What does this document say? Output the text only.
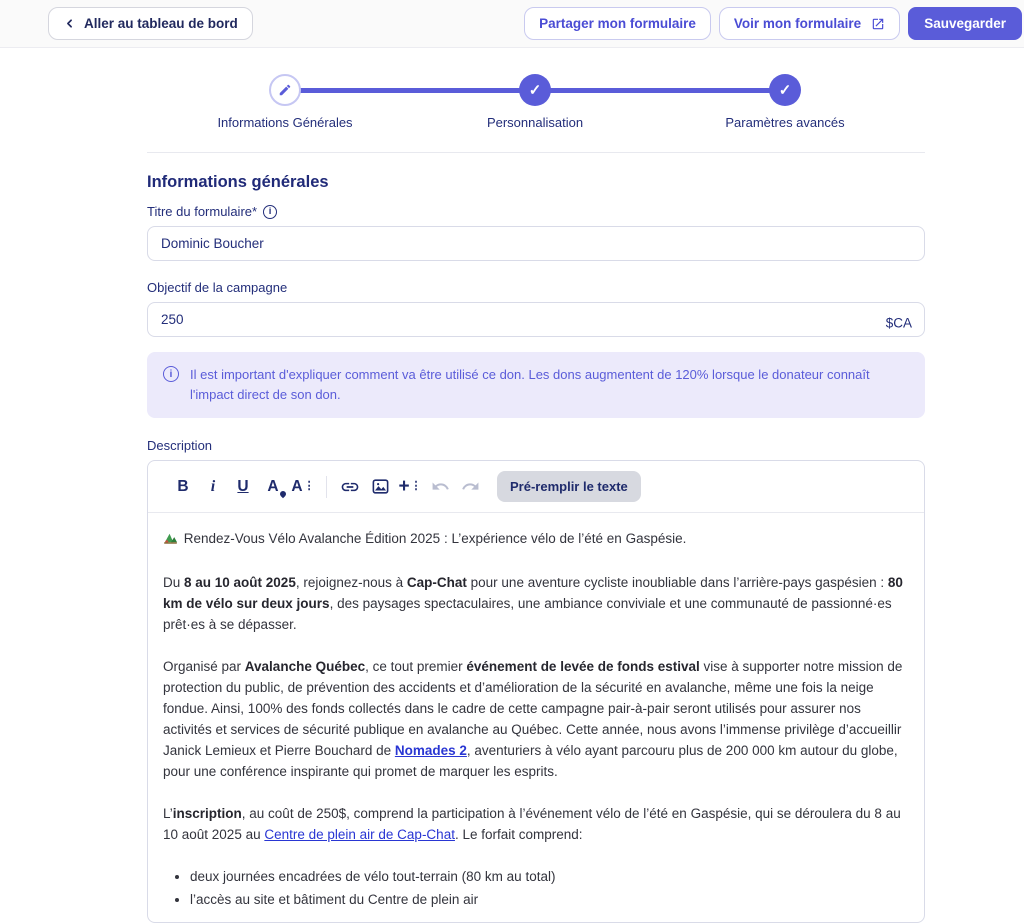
Aller au tableau de bord	Partager mon formulaire	Voir mon formulaire	Sauvegarder
Informations Générales
✓
Personnalisation
✓
Paramètres avancés
Informations générales
Titre du formulaire*	i
Dominic Boucher
Objectif de la campagne
250
$CA
i	Il est important d'expliquer comment va être utilisé ce don. Les dons augmentent de 120% lorsque le donateur connaît l'impact direct de son don.
Description
B	i	U	A A ⋮	+ ⋮	Pré-remplir le texte

Rendez-Vous Vélo Avalanche Édition 2025 : L’expérience vélo de l’été en Gaspésie.

Du 8 au 10 août 2025, rejoignez-nous à Cap-Chat pour une aventure cycliste inoubliable dans l’arrière-pays gaspésien : 80 km de vélo sur deux jours, des paysages spectaculaires, une ambiance conviviale et une communauté de passionné·es prêt·es à se dépasser.

Organisé par Avalanche Québec, ce tout premier événement de levée de fonds estival vise à supporter notre mission de protection du public, de prévention des accidents et d’amélioration de la sécurité en avalanche, même une fois la neige fondue. Ainsi, 100% des fonds collectés dans le cadre de cette campagne pair-à-pair seront utilisés pour assurer nos activités et services de sécurité publique en avalanche au Québec. Cette année, nous avons l’immense privilège d’accueillir Janick Lemieux et Pierre Bouchard de Nomades 2, aventuriers à vélo ayant parcouru plus de 200 000 km autour du globe, pour une conférence inspirante qui promet de marquer les esprits.

L’inscription, au coût de 250$, comprend la participation à l’événement vélo de l’été en Gaspésie, qui se déroulera du 8 au 10 août 2025 au Centre de plein air de Cap-Chat. Le forfait comprend:

• deux journées encadrées de vélo tout-terrain (80 km au total)
• l’accès au site et bâtiment du Centre de plein air
